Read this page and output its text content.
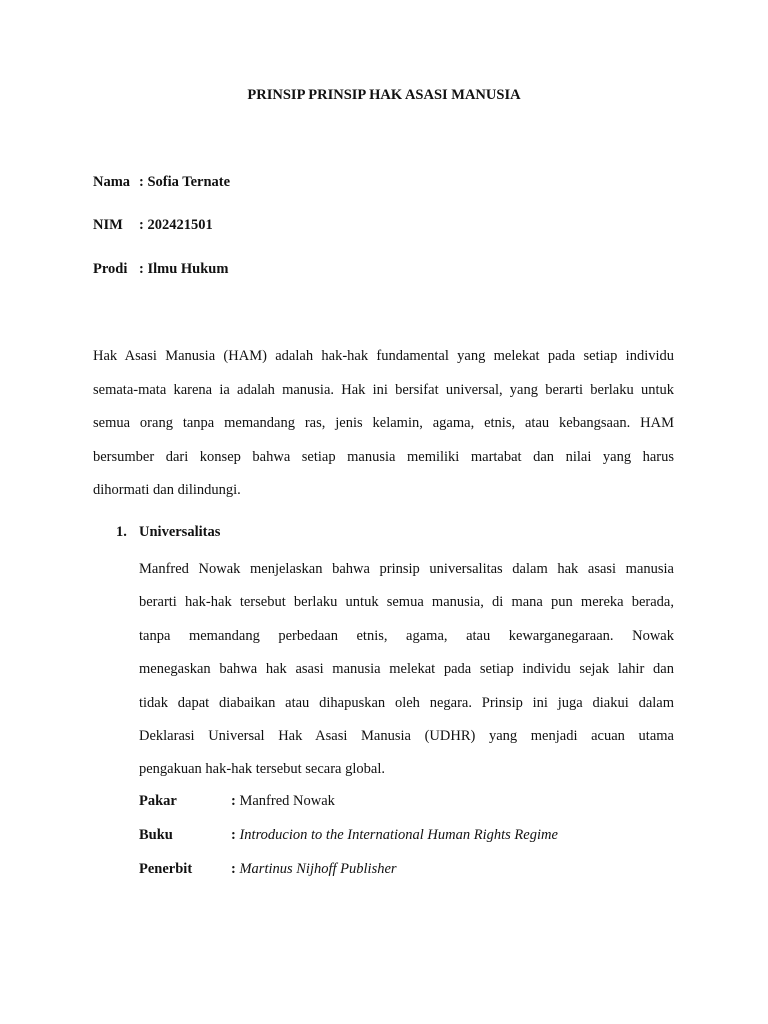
PRINSIP PRINSIP HAK ASASI MANUSIA
Nama : Sofia Ternate
NIM : 202421501
Prodi : Ilmu Hukum
Hak Asasi Manusia (HAM) adalah hak-hak fundamental yang melekat pada setiap individu
semata-mata karena ia adalah manusia. Hak ini bersifat universal, yang berarti berlaku untuk
semua orang tanpa memandang ras, jenis kelamin, agama, etnis, atau kebangsaan. HAM
bersumber dari konsep bahwa setiap manusia memiliki martabat dan nilai yang harus
dihormati dan dilindungi.
1. Universalitas
Manfred Nowak menjelaskan bahwa prinsip universalitas dalam hak asasi manusia
berarti hak-hak tersebut berlaku untuk semua manusia, di mana pun mereka berada,
tanpa memandang perbedaan etnis, agama, atau kewarganegaraan. Nowak
menegaskan bahwa hak asasi manusia melekat pada setiap individu sejak lahir dan
tidak dapat diabaikan atau dihapuskan oleh negara. Prinsip ini juga diakui dalam
Deklarasi Universal Hak Asasi Manusia (UDHR) yang menjadi acuan utama
pengakuan hak-hak tersebut secara global.
Pakar	: Manfred Nowak
Buku	: Introducion to the International Human Rights Regime
Penerbit	: Martinus Nijhoff Publisher
